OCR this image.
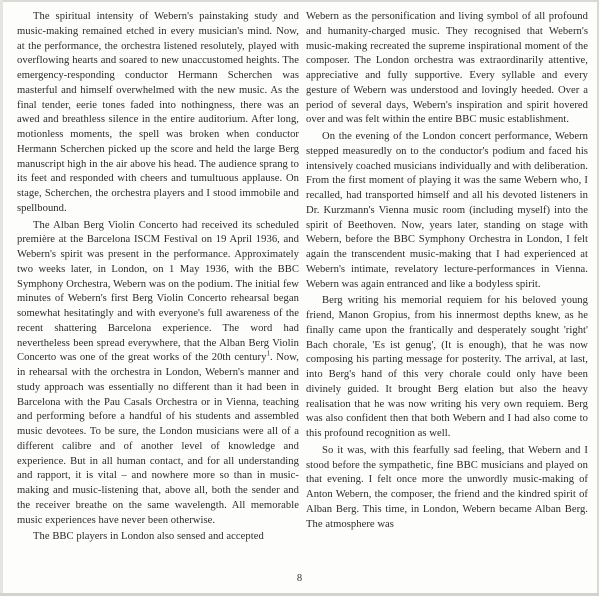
The spiritual intensity of Webern's painstaking study and music-making remained etched in every musician's mind. Now, at the performance, the orchestra listened resolutely, played with overflowing hearts and soared to new unaccustomed heights. The emergency-responding conductor Hermann Scherchen was masterful and himself overwhelmed with the new music. As the final tender, eerie tones faded into nothingness, there was an awed and breathless silence in the entire auditorium. After long, motionless moments, the spell was broken when conductor Hermann Scherchen picked up the score and held the large Berg manuscript high in the air above his head. The audience sprang to its feet and responded with cheers and tumultuous applause. On stage, Scherchen, the orchestra players and I stood immobile and spellbound.

The Alban Berg Violin Concerto had received its scheduled première at the Barcelona ISCM Festival on 19 April 1936, and Webern's spirit was present in the performance. Approximately two weeks later, in London, on 1 May 1936, with the BBC Symphony Orchestra, Webern was on the podium. The initial few minutes of Webern's first Berg Violin Concerto rehearsal began somewhat hesitatingly and with everyone's full awareness of the recent shattering Barcelona experience. The word had nevertheless been spread everywhere, that the Alban Berg Violin Concerto was one of the great works of the 20th century$^1$. Now, in rehearsal with the orchestra in London, Webern's manner and study approach was essentially no different than it had been in Barcelona with the Pau Casals Orchestra or in Vienna, teaching and performing before a handful of his students and assembled music devotees. To be sure, the London musicians were all of a different calibre and of another level of knowledge and experience. But in all human contact, and for all understanding and rapport, it is vital – and nowhere more so than in music-making and music-listening that, above all, both the sender and the receiver breathe on the same wavelength. All memorable music experiences have never been otherwise.

The BBC players in London also sensed and accepted

Webern as the personification and living symbol of all profound and humanity-charged music. They recognised that Webern's music-making recreated the supreme inspirational moment of the composer. The London orchestra was extraordinarily attentive, appreciative and fully supportive. Every syllable and every gesture of Webern was understood and lovingly heeded. Over a period of several days, Webern's inspiration and spirit hovered over and was felt within the entire BBC music establishment.

On the evening of the London concert performance, Webern stepped measuredly on to the conductor's podium and faced his intensively coached musicians individually and with deliberation. From the first moment of playing it was the same Webern who, I recalled, had transported himself and all his devoted listeners in Dr. Kurzmann's Vienna music room (including myself) into the spirit of Beethoven. Now, years later, standing on stage with Webern, before the BBC Symphony Orchestra in London, I felt again the transcendent music-making that I had experienced at Webern's intimate, revelatory lecture-performances in Vienna. Webern was again entranced and like a bodyless spirit.

Berg writing his memorial requiem for his beloved young friend, Manon Gropius, from his innermost depths knew, as he finally came upon the frantically and desperately sought 'right' Bach chorale, 'Es ist genug', (It is enough), that he was now composing his parting message for posterity. The arrival, at last, into Berg's hand of this very chorale could only have been divinely guided. It brought Berg elation but also the heavy realisation that he was now writing his very own requiem. Berg was also confident then that both Webern and I had also come to this profound recognition as well.

So it was, with this fearfully sad feeling, that Webern and I stood before the sympathetic, fine BBC musicians and played on that evening. I felt once more the unwordly music-making of Anton Webern, the composer, the friend and the kindred spirit of Alban Berg. This time, in London, Webern became Alban Berg. The atmosphere was

8
